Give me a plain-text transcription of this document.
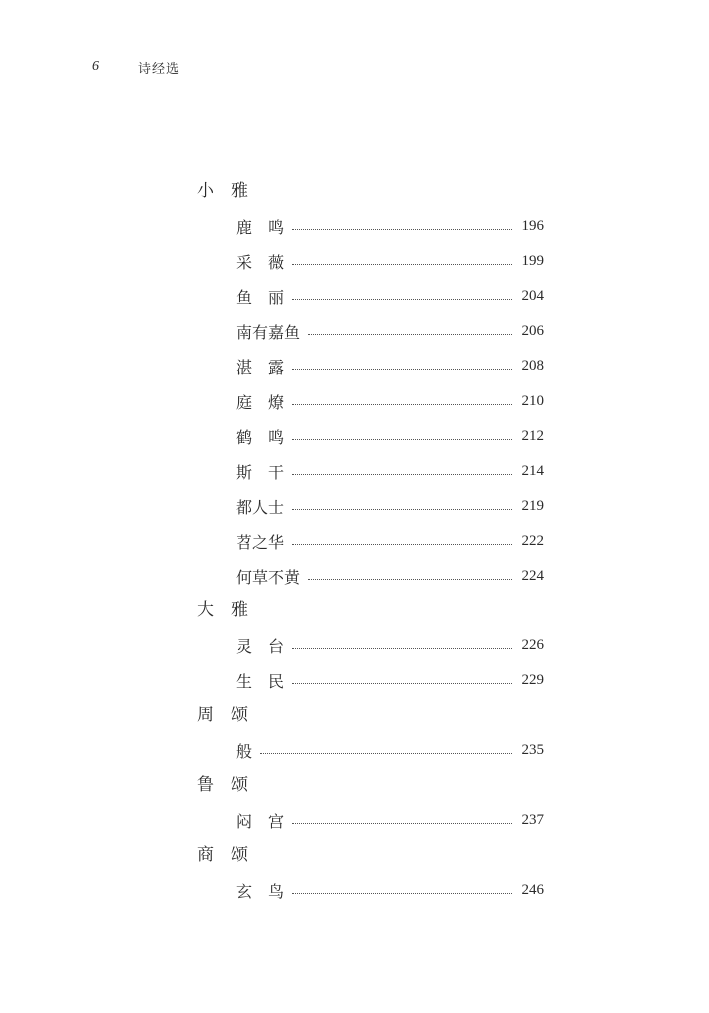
6	诗经选
小　雅
鹿　鸣	196
采　薇	199
鱼　丽	204
南有嘉鱼	206
湛　露	208
庭　燎	210
鹤　鸣	212
斯　干	214
都人士	219
苕之华	222
何草不黄	224
大　雅
灵　台	226
生　民	229
周　颂
般	235
鲁　颂
闷　宫	237
商　颂
玄　鸟	246
